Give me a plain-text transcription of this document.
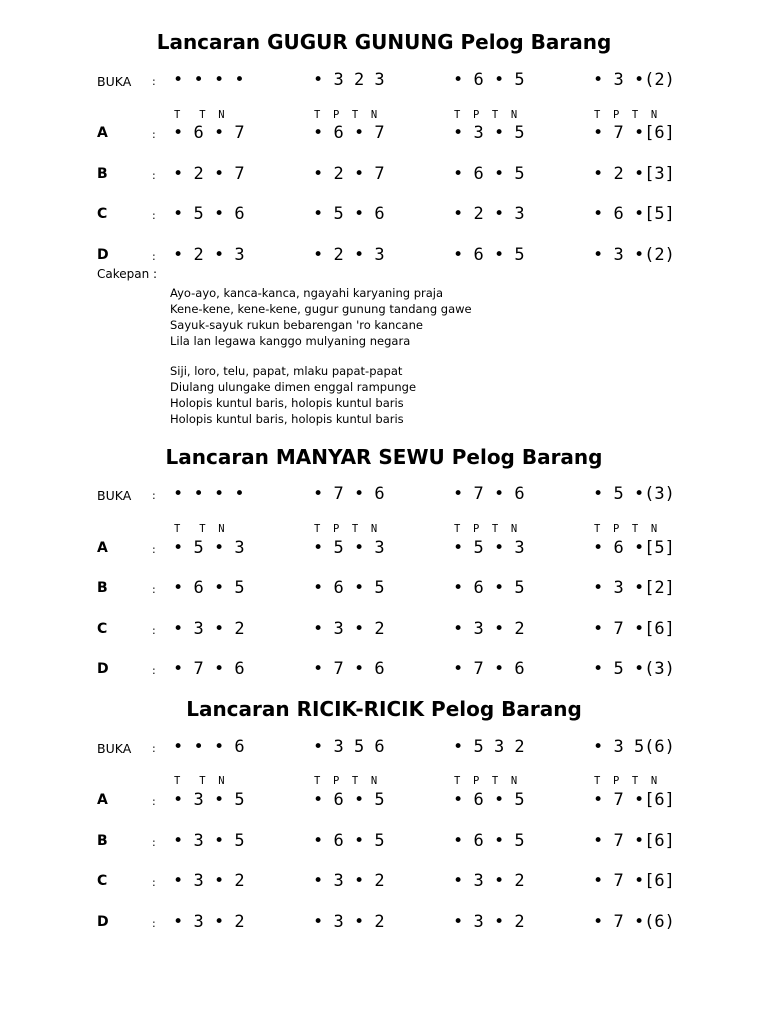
Lancaran GUGUR GUNUNG Pelog Barang
BUKA : • • • •	• 3 2 3	• 6 • 5	• 3 •(2)
T   T  N	T  P  T  N	T  P  T  N	T  P  T  N
A	: • 6 • 7	• 6 • 7	• 3 • 5	• 7 •[6]
B	: • 2 • 7	• 2 • 7	• 6 • 5	• 2 •[3]
C	: • 5 • 6	• 5 • 6	• 2 • 3	• 6 •[5]
D	: • 2 • 3	• 2 • 3	• 6 • 5	• 3 •(2)
Cakepan :
Ayo-ayo, kanca-kanca, ngayahi karyaning praja
Kene-kene, kene-kene, gugur gunung tandang gawe
Sayuk-sayuk rukun bebarengan 'ro kancane
Lila lan legawa kanggo mulyaning negara
Siji, loro, telu, papat, mlaku papat-papat
Diulang ulungake dimen enggal rampunge
Holopis kuntul baris, holopis kuntul baris
Holopis kuntul baris, holopis kuntul baris
Lancaran MANYAR SEWU Pelog Barang
BUKA : • • • •	• 7 • 6	• 7 • 6	• 5 •(3)
T   T  N	T  P  T  N	T  P  T  N	T  P  T  N
A	: • 5 • 3	• 5 • 3	• 5 • 3	• 6 •[5]
B	: • 6 • 5	• 6 • 5	• 6 • 5	• 3 •[2]
C	: • 3 • 2	• 3 • 2	• 3 • 2	• 7 •[6]
D	: • 7 • 6	• 7 • 6	• 7 • 6	• 5 •(3)
Lancaran RICIK-RICIK Pelog Barang
BUKA : • • • 6	• 3 5 6	• 5 3 2	• 3 5(6)
T   T  N	T  P  T  N	T  P  T  N	T  P  T  N
A	: • 3 • 5	• 6 • 5	• 6 • 5	• 7 •[6]
B	: • 3 • 5	• 6 • 5	• 6 • 5	• 7 •[6]
C	: • 3 • 2	• 3 • 2	• 3 • 2	• 7 •[6]
D	: • 3 • 2	• 3 • 2	• 3 • 2	• 7 •(6)
